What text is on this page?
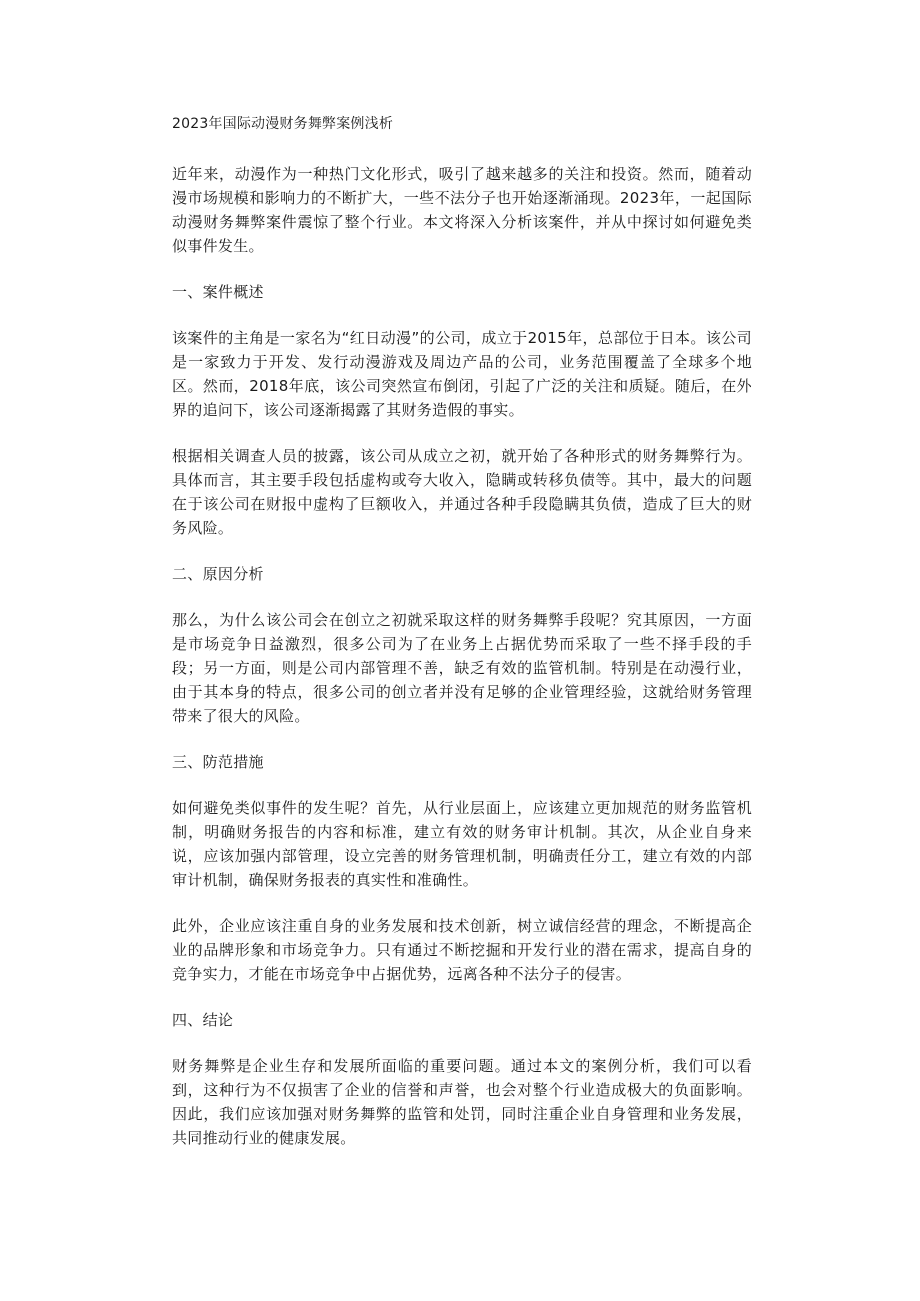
2023年国际动漫财务舞弊案例浅析

近年来，动漫作为一种热门文化形式，吸引了越来越多的关注和投资。然而，随着动漫市场规模和影响力的不断扩大，一些不法分子也开始逐渐涌现。2023年，一起国际动漫财务舞弊案件震惊了整个行业。本文将深入分析该案件，并从中探讨如何避免类似事件发生。

一、案件概述

该案件的主角是一家名为“红日动漫”的公司，成立于2015年，总部位于日本。该公司是一家致力于开发、发行动漫游戏及周边产品的公司，业务范围覆盖了全球多个地区。然而，2018年底，该公司突然宣布倒闭，引起了广泛的关注和质疑。随后，在外界的追问下，该公司逐渐揭露了其财务造假的事实。

根据相关调查人员的披露，该公司从成立之初，就开始了各种形式的财务舞弊行为。具体而言，其主要手段包括虚构或夸大收入，隐瞒或转移负债等。其中，最大的问题在于该公司在财报中虚构了巨额收入，并通过各种手段隐瞒其负债，造成了巨大的财务风险。

二、原因分析

那么，为什么该公司会在创立之初就采取这样的财务舞弊手段呢？究其原因，一方面是市场竞争日益激烈，很多公司为了在业务上占据优势而采取了一些不择手段的手段；另一方面，则是公司内部管理不善，缺乏有效的监管机制。特别是在动漫行业，由于其本身的特点，很多公司的创立者并没有足够的企业管理经验，这就给财务管理带来了很大的风险。

三、防范措施

如何避免类似事件的发生呢？首先，从行业层面上，应该建立更加规范的财务监管机制，明确财务报告的内容和标准，建立有效的财务审计机制。其次，从企业自身来说，应该加强内部管理，设立完善的财务管理机制，明确责任分工，建立有效的内部审计机制，确保财务报表的真实性和准确性。

此外，企业应该注重自身的业务发展和技术创新，树立诚信经营的理念，不断提高企业的品牌形象和市场竞争力。只有通过不断挖掘和开发行业的潜在需求，提高自身的竞争实力，才能在市场竞争中占据优势，远离各种不法分子的侵害。

四、结论

财务舞弊是企业生存和发展所面临的重要问题。通过本文的案例分析，我们可以看到，这种行为不仅损害了企业的信誉和声誉，也会对整个行业造成极大的负面影响。因此，我们应该加强对财务舞弊的监管和处罚，同时注重企业自身管理和业务发展，共同推动行业的健康发展。
